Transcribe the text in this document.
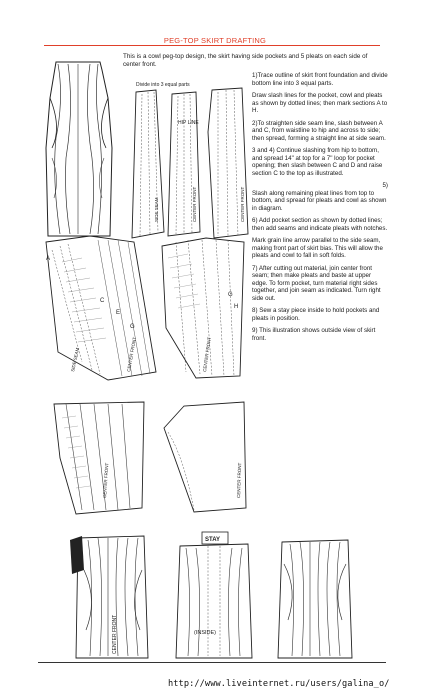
PEG-TOP SKIRT DRAFTING
This is a cowl peg-top design, the skirt having side pockets and 5 pleats on each side of center front.

1)Trace outline of skirt front foundation and divide bottom line into 3 equal parts.

Draw slash lines for the pocket, cowl and pleats as shown by dotted lines; then mark sections A to H.

2)To straighten side seam line, slash between A and C, from waistline to hip and across to side; then spread, forming a straight line at side seam.

3 and 4) Continue slashing from hip to bottom, and spread 14" at top for a 7" loop for pocket opening; then slash between C and D and raise section C to the top as illustrated.

5)

Slash along remaining pleat lines from top to bottom, and spread for pleats and cowl as shown in diagram.

6) Add pocket section as shown by dotted lines; then add seams and indicate pleats with notches.

Mark grain line arrow parallel to the side seam, making front part of skirt bias. This will allow the pleats and cowl to fall in soft folds.

7) After cutting out material, join center front seam; then make pleats and baste at upper edge. To form pocket, turn material right sides together, and join seam as indicated. Turn right side out.

8) Sew a stay piece inside to hold pockets and pleats in position.

9) This illustration shows outside view of skirt front.

Divide into 3 equal parts
SIDE SEAM	CENTER FRONT
HIP LINE
CENTER FRONT
A
C
E
G
SIDE SEAM	CENTER FRONT
G
H
CENTER FRONT
CENTER FRONT	CENTER FRONT
CENTER FRONT
STAY
(INSIDE)
http://www.liveinternet.ru/users/galina_o/
